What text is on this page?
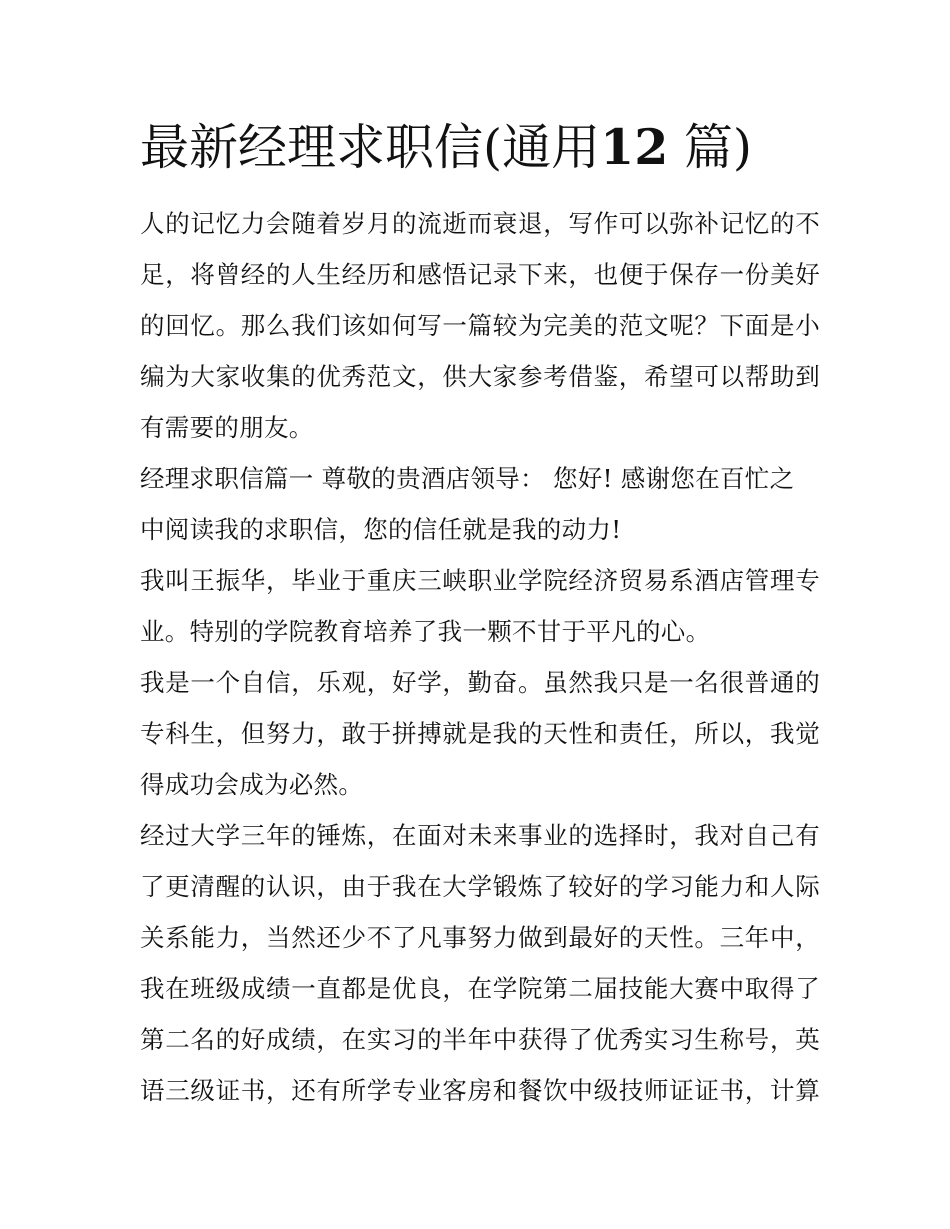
最新经理求职信(通用12 篇)
人的记忆力会随着岁月的流逝而衰退，写作可以弥补记忆的不
足，将曾经的人生经历和感悟记录下来，也便于保存一份美好
的回忆。那么我们该如何写一篇较为完美的范文呢？下面是小
编为大家收集的优秀范文，供大家参考借鉴，希望可以帮助到
有需要的朋友。
经理求职信篇一 尊敬的贵酒店领导： 您好! 感谢您在百忙之
中阅读我的求职信，您的信任就是我的动力!
我叫王振华，毕业于重庆三峡职业学院经济贸易系酒店管理专
业。特别的学院教育培养了我一颗不甘于平凡的心。
我是一个自信，乐观，好学，勤奋。虽然我只是一名很普通的
专科生，但努力，敢于拼搏就是我的天性和责任，所以，我觉
得成功会成为必然。
经过大学三年的锤炼，在面对未来事业的选择时，我对自己有
了更清醒的认识，由于我在大学锻炼了较好的学习能力和人际
关系能力，当然还少不了凡事努力做到最好的天性。三年中，
我在班级成绩一直都是优良，在学院第二届技能大赛中取得了
第二名的好成绩，在实习的半年中获得了优秀实习生称号，英
语三级证书，还有所学专业客房和餐饮中级技师证证书，计算
